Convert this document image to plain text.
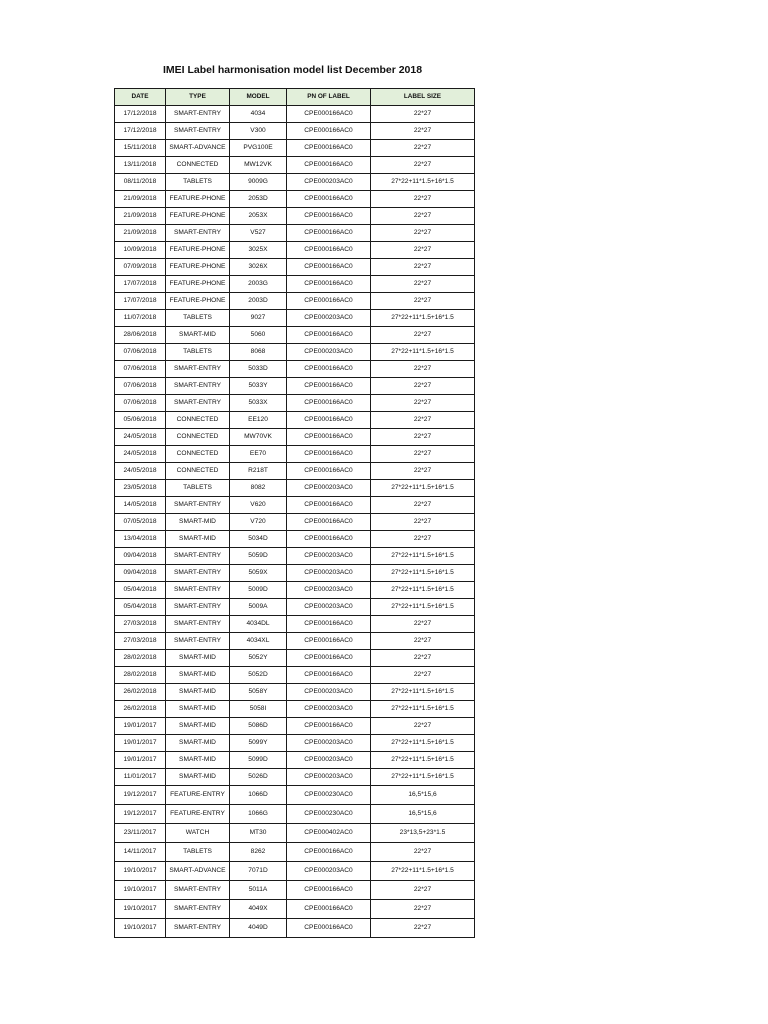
IMEI Label harmonisation model list December 2018
DATE	TYPE	MODEL	PN OF LABEL	LABEL SIZE
17/12/2018	SMART-ENTRY	4034	CPE000166AC0	22*27
17/12/2018	SMART-ENTRY	V300	CPE000166AC0	22*27
15/11/2018	SMART-ADVANCE	PVG100E	CPE000166AC0	22*27
13/11/2018	CONNECTED	MW12VK	CPE000166AC0	22*27
08/11/2018	TABLETS	9009G	CPE000203AC0	27*22+11*1.5+16*1.5
21/09/2018	FEATURE-PHONE	2053D	CPE000166AC0	22*27
21/09/2018	FEATURE-PHONE	2053X	CPE000166AC0	22*27
21/09/2018	SMART-ENTRY	V527	CPE000166AC0	22*27
10/09/2018	FEATURE-PHONE	3025X	CPE000166AC0	22*27
07/09/2018	FEATURE-PHONE	3026X	CPE000166AC0	22*27
17/07/2018	FEATURE-PHONE	2003G	CPE000166AC0	22*27
17/07/2018	FEATURE-PHONE	2003D	CPE000166AC0	22*27
11/07/2018	TABLETS	9027	CPE000203AC0	27*22+11*1.5+16*1.5
28/06/2018	SMART-MID	5060	CPE000166AC0	22*27
07/06/2018	TABLETS	8068	CPE000203AC0	27*22+11*1.5+16*1.5
07/06/2018	SMART-ENTRY	5033D	CPE000166AC0	22*27
07/06/2018	SMART-ENTRY	5033Y	CPE000166AC0	22*27
07/06/2018	SMART-ENTRY	5033X	CPE000166AC0	22*27
05/06/2018	CONNECTED	EE120	CPE000166AC0	22*27
24/05/2018	CONNECTED	MW70VK	CPE000166AC0	22*27
24/05/2018	CONNECTED	EE70	CPE000166AC0	22*27
24/05/2018	CONNECTED	R218T	CPE000166AC0	22*27
23/05/2018	TABLETS	8082	CPE000203AC0	27*22+11*1.5+16*1.5
14/05/2018	SMART-ENTRY	V620	CPE000166AC0	22*27
07/05/2018	SMART-MID	V720	CPE000166AC0	22*27
13/04/2018	SMART-MID	5034D	CPE000166AC0	22*27
09/04/2018	SMART-ENTRY	5059D	CPE000203AC0	27*22+11*1.5+16*1.5
09/04/2018	SMART-ENTRY	5059X	CPE000203AC0	27*22+11*1.5+16*1.5
05/04/2018	SMART-ENTRY	5009D	CPE000203AC0	27*22+11*1.5+16*1.5
05/04/2018	SMART-ENTRY	5009A	CPE000203AC0	27*22+11*1.5+16*1.5
27/03/2018	SMART-ENTRY	4034DL	CPE000166AC0	22*27
27/03/2018	SMART-ENTRY	4034XL	CPE000166AC0	22*27
28/02/2018	SMART-MID	5052Y	CPE000166AC0	22*27
28/02/2018	SMART-MID	5052D	CPE000166AC0	22*27
26/02/2018	SMART-MID	5058Y	CPE000203AC0	27*22+11*1.5+16*1.5
26/02/2018	SMART-MID	5058I	CPE000203AC0	27*22+11*1.5+16*1.5
19/01/2017	SMART-MID	5086D	CPE000166AC0	22*27
19/01/2017	SMART-MID	5099Y	CPE000203AC0	27*22+11*1.5+16*1.5
19/01/2017	SMART-MID	5099D	CPE000203AC0	27*22+11*1.5+16*1.5
11/01/2017	SMART-MID	5026D	CPE000203AC0	27*22+11*1.5+16*1.5
19/12/2017	FEATURE-ENTRY	1066D	CPE000230AC0	16,5*15,6
19/12/2017	FEATURE-ENTRY	1066G	CPE000230AC0	16,5*15,6
23/11/2017	WATCH	MT30	CPE000402AC0	23*13,5+23*1.5
14/11/2017	TABLETS	8262	CPE000166AC0	22*27
19/10/2017	SMART-ADVANCE	7071D	CPE000203AC0	27*22+11*1.5+16*1.5
19/10/2017	SMART-ENTRY	5011A	CPE000166AC0	22*27
19/10/2017	SMART-ENTRY	4049X	CPE000166AC0	22*27
19/10/2017	SMART-ENTRY	4049D	CPE000166AC0	22*27
